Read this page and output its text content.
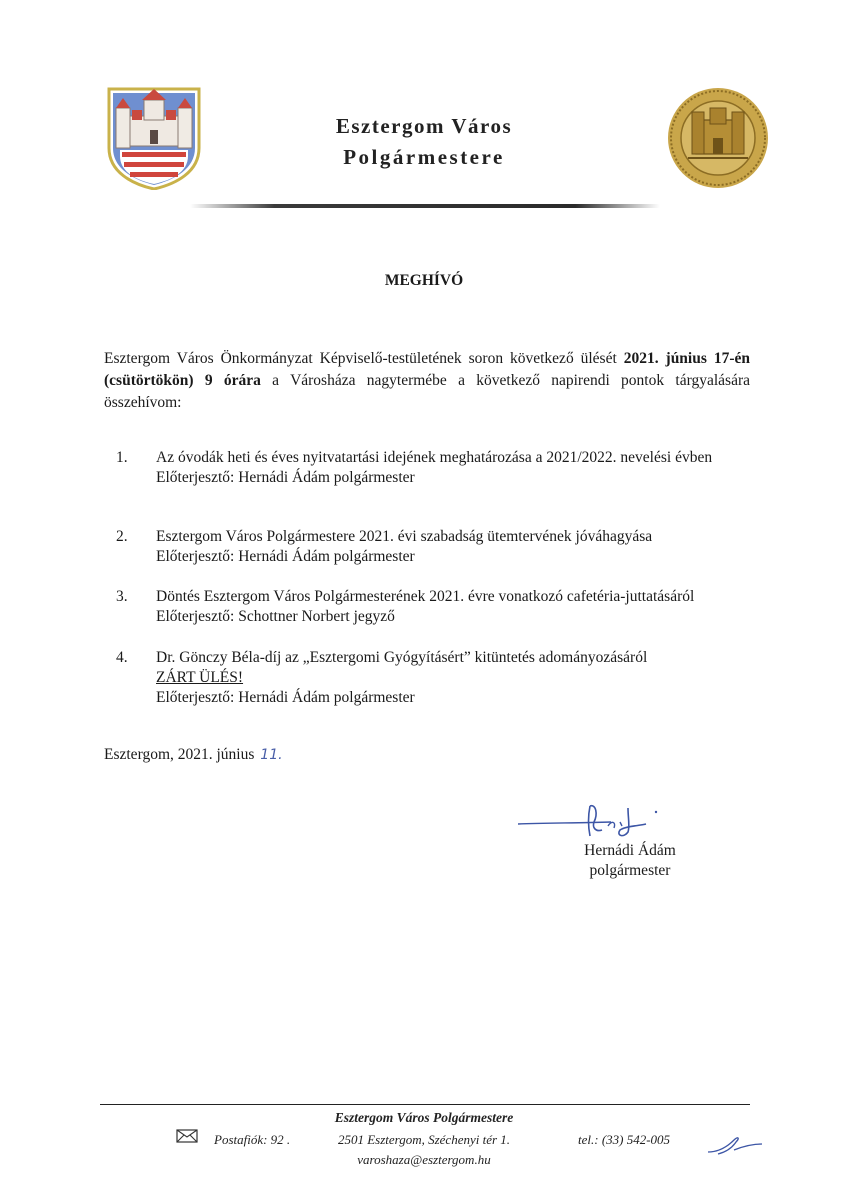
Esztergom Város
Polgármestere
MEGHÍVÓ
Esztergom Város Önkormányzat Képviselő-testületének soron következő ülését 2021. június 17-én (csütörtökön) 9 órára a Városháza nagytermébe a következő napirendi pontok tárgyalására összehívom:
1. Az óvodák heti és éves nyitvatartási idejének meghatározása a 2021/2022. nevelési évben
Előterjesztő: Hernádi Ádám polgármester
2. Esztergom Város Polgármestere 2021. évi szabadság ütemtervének jóváhagyása
Előterjesztő: Hernádi Ádám polgármester
3. Döntés Esztergom Város Polgármesterének 2021. évre vonatkozó cafetéria-juttatásáról
Előterjesztő: Schottner Norbert jegyző
4. Dr. Gönczy Béla-díj az „Esztergomi Gyógyításért” kitüntetés adományozásáról
ZÁRT ÜLÉS!
Előterjesztő: Hernádi Ádám polgármester
Esztergom, 2021. június 11.
Hernádi Ádám
polgármester
Esztergom Város Polgármestere
Postafiók: 92 .	2501 Esztergom, Széchenyi tér 1.	tel.: (33) 542-005
varoshaza@esztergom.hu
